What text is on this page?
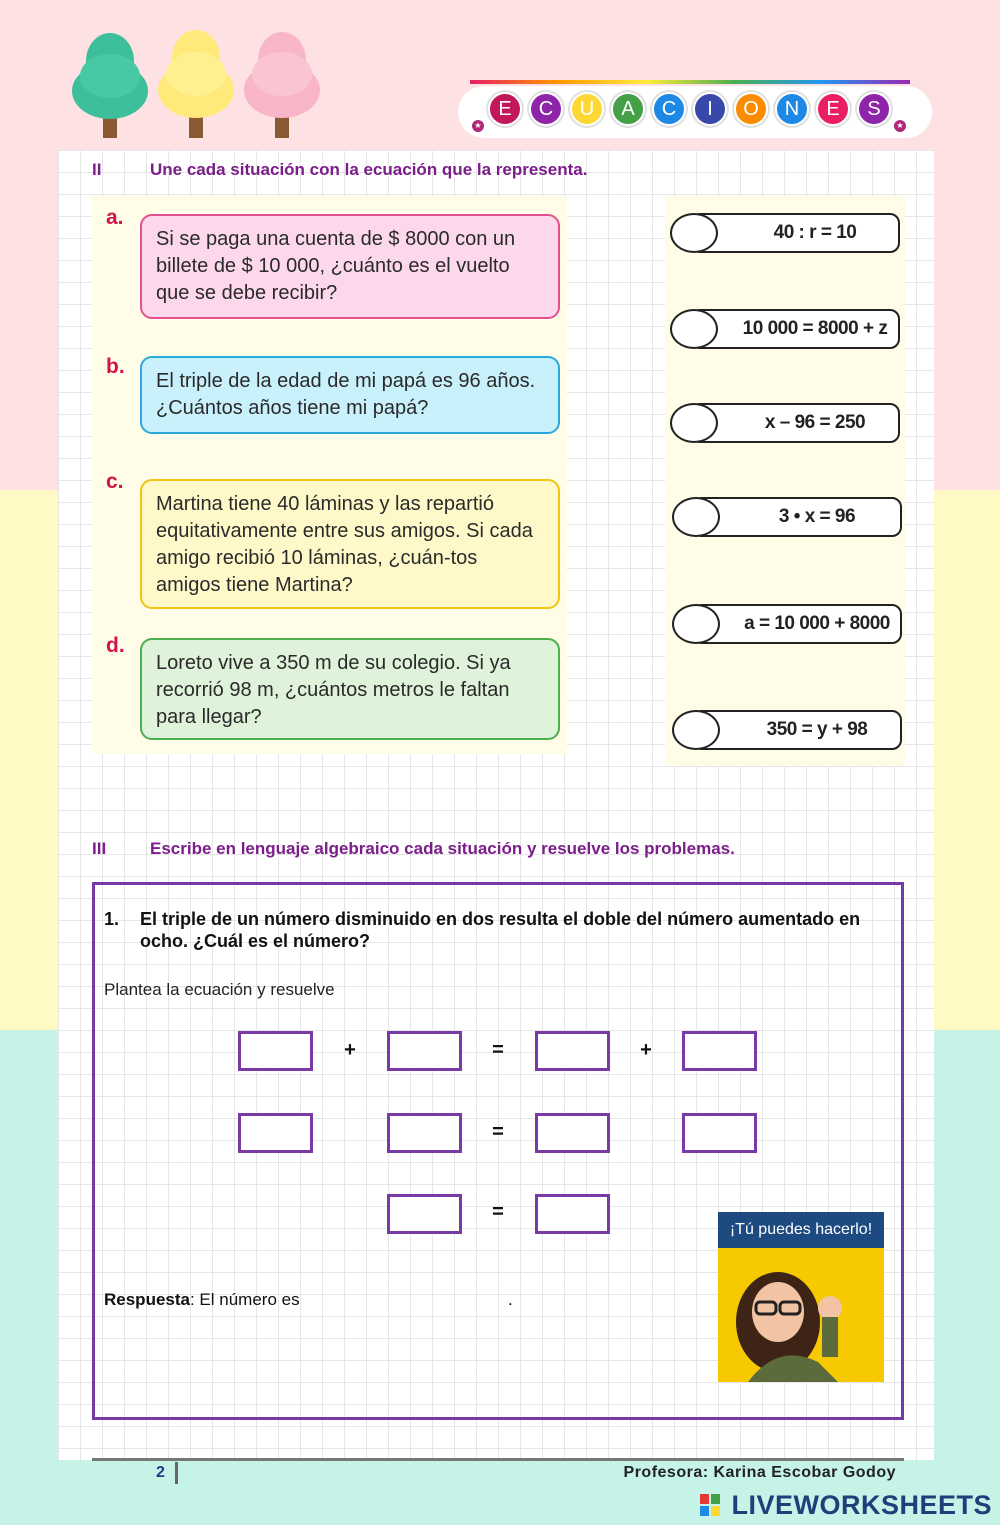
★	★
E	C	U	A	C	I	O	N	E	S
II	Une cada situación con la ecuación que la representa.
a.
Si se paga una cuenta de $ 8000 con un billete de $ 10 000, ¿cuánto es el vuelto que se debe recibir?
b.
El triple de la edad de mi papá es 96 años. ¿Cuántos años tiene mi papá?
c.
Martina tiene 40 láminas y las repartió equitativamente entre sus amigos. Si cada amigo recibió 10 láminas, ¿cuán-tos amigos tiene Martina?
d.
Loreto vive a 350 m de su colegio. Si ya recorrió 98 m, ¿cuántos metros le faltan para llegar?
40 : r = 10
10 000 = 8000 + z
x – 96 = 250
3 • x = 96
a = 10 000 + 8000
350 = y + 98
III	Escribe en lenguaje algebraico cada situación y resuelve los problemas.
1. El triple de un número disminuido en dos resulta el doble del número aumentado en ocho. ¿Cuál es el número?
Plantea la ecuación y resuelve
+	=	+
=
=
Respuesta: El número es	.
¡Tú puedes hacerlo!
2	Profesora: Karina Escobar Godoy
LIVEWORKSHEETS
